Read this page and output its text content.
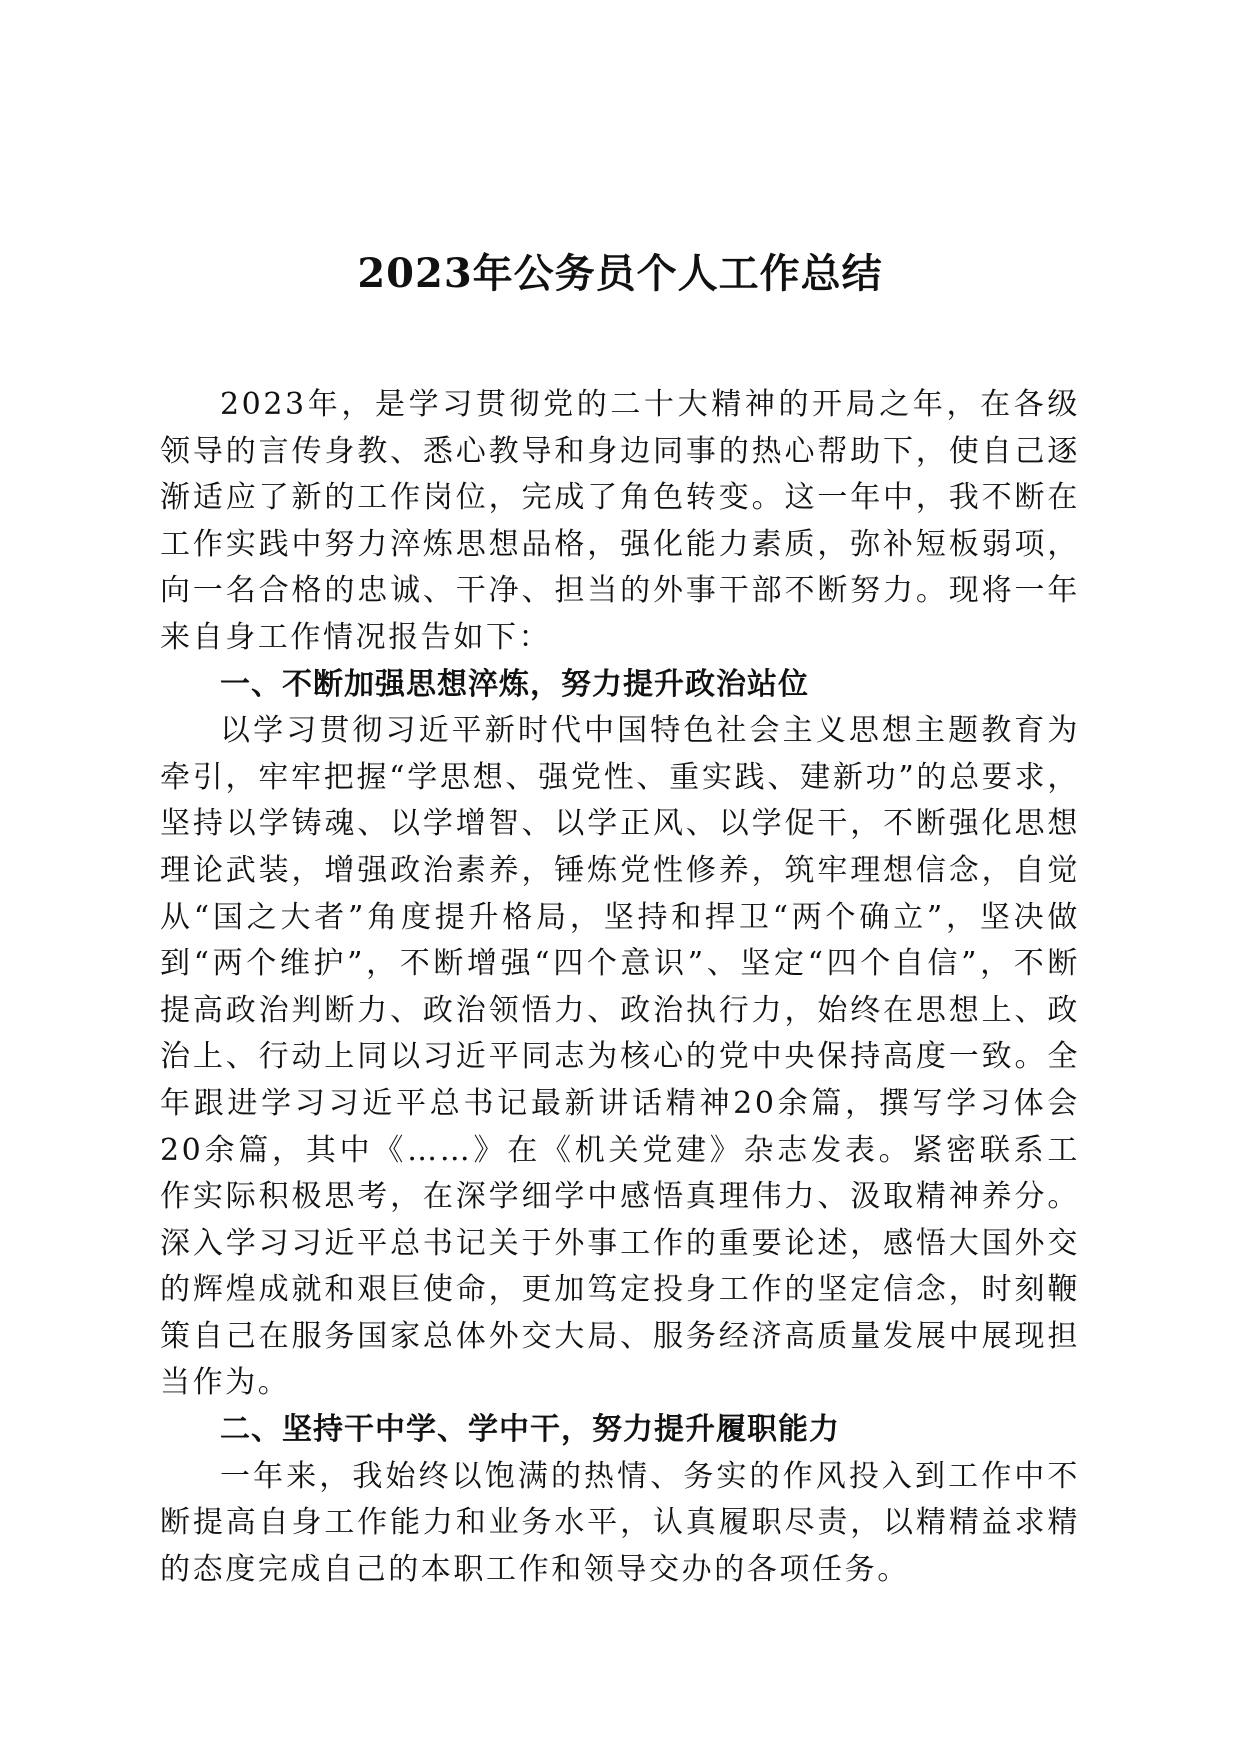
2023年公务员个人工作总结

2023年，是学习贯彻党的二十大精神的开局之年，在各级领导的言传身教、悉心教导和身边同事的热心帮助下，使自己逐渐适应了新的工作岗位，完成了角色转变。这一年中，我不断在工作实践中努力淬炼思想品格，强化能力素质，弥补短板弱项，向一名合格的忠诚、干净、担当的外事干部不断努力。现将一年来自身工作情况报告如下：

一、不断加强思想淬炼，努力提升政治站位

以学习贯彻习近平新时代中国特色社会主义思想主题教育为牵引，牢牢把握“学思想、强党性、重实践、建新功”的总要求，坚持以学铸魂、以学增智、以学正风、以学促干，不断强化思想理论武装，增强政治素养，锤炼党性修养，筑牢理想信念，自觉从“国之大者”角度提升格局，坚持和捍卫“两个确立”，坚决做到“两个维护”，不断增强“四个意识”、坚定“四个自信”，不断提高政治判断力、政治领悟力、政治执行力，始终在思想上、政治上、行动上同以习近平同志为核心的党中央保持高度一致。全年跟进学习习近平总书记最新讲话精神20余篇，撰写学习体会20余篇，其中《……》在《机关党建》杂志发表。紧密联系工作实际积极思考，在深学细学中感悟真理伟力、汲取精神养分。深入学习习近平总书记关于外事工作的重要论述，感悟大国外交的辉煌成就和艰巨使命，更加笃定投身工作的坚定信念，时刻鞭策自己在服务国家总体外交大局、服务经济高质量发展中展现担当作为。

二、坚持干中学、学中干，努力提升履职能力

一年来，我始终以饱满的热情、务实的作风投入到工作中不断提高自身工作能力和业务水平，认真履职尽责，以精精益求精的态度完成自己的本职工作和领导交办的各项任务。
